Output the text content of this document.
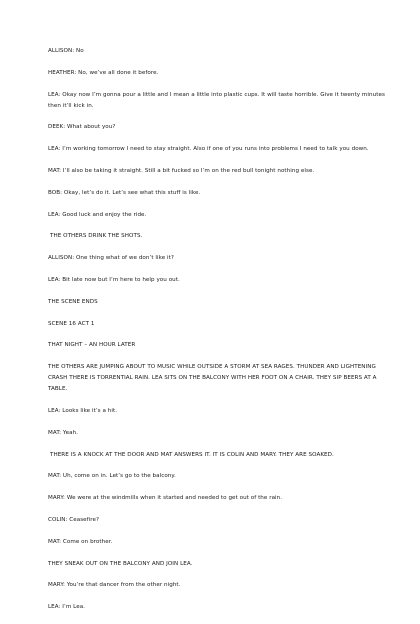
ALLISON: No

HEATHER: No, we’ve all done it before.

LEA: Okay now I’m gonna pour a little and I mean a little into plastic cups. It will taste horrible. Give it twenty minutes then it’ll kick in.

DEEK: What about you?

LEA: I’m working tomorrow I need to stay straight. Also if one of you runs into problems I need to talk you down.

MAT: I’ll also be taking it straight. Still a bit fucked so I’m on the red bull tonight nothing else.

BOB: Okay, let’s do it. Let’s see what this stuff is like.

LEA: Good luck and enjoy the ride.

THE OTHERS DRINK THE SHOTS.

ALLISON: One thing what of we don’t like it?

LEA: Bit late now but I’m here to help you out.

THE SCENE ENDS

SCENE 16 ACT 1

THAT NIGHT – AN HOUR LATER

THE OTHERS ARE JUMPING ABOUT TO MUSIC WHILE OUTSIDE A STORM AT SEA RAGES. THUNDER AND LIGHTENING CRASH THERE IS TORRENTIAL RAIN. LEA SITS ON THE BALCONY WITH HER FOOT ON A CHAIR. THEY SIP BEERS AT A TABLE.

LEA: Looks like it’s a hit.

MAT: Yeah.

THERE IS A KNOCK AT THE DOOR AND MAT ANSWERS IT. IT IS COLIN AND MARY. THEY ARE SOAKED.

MAT: Uh, come on in. Let’s go to the balcony.

MARY: We were at the windmills when it started and needed to get out of the rain.

COLIN: Ceasefire?

MAT: Come on brother.

THEY SNEAK OUT ON THE BALCONY AND JOIN LEA.

MARY: You’re that dancer from the other night.

LEA: I’m Lea.
